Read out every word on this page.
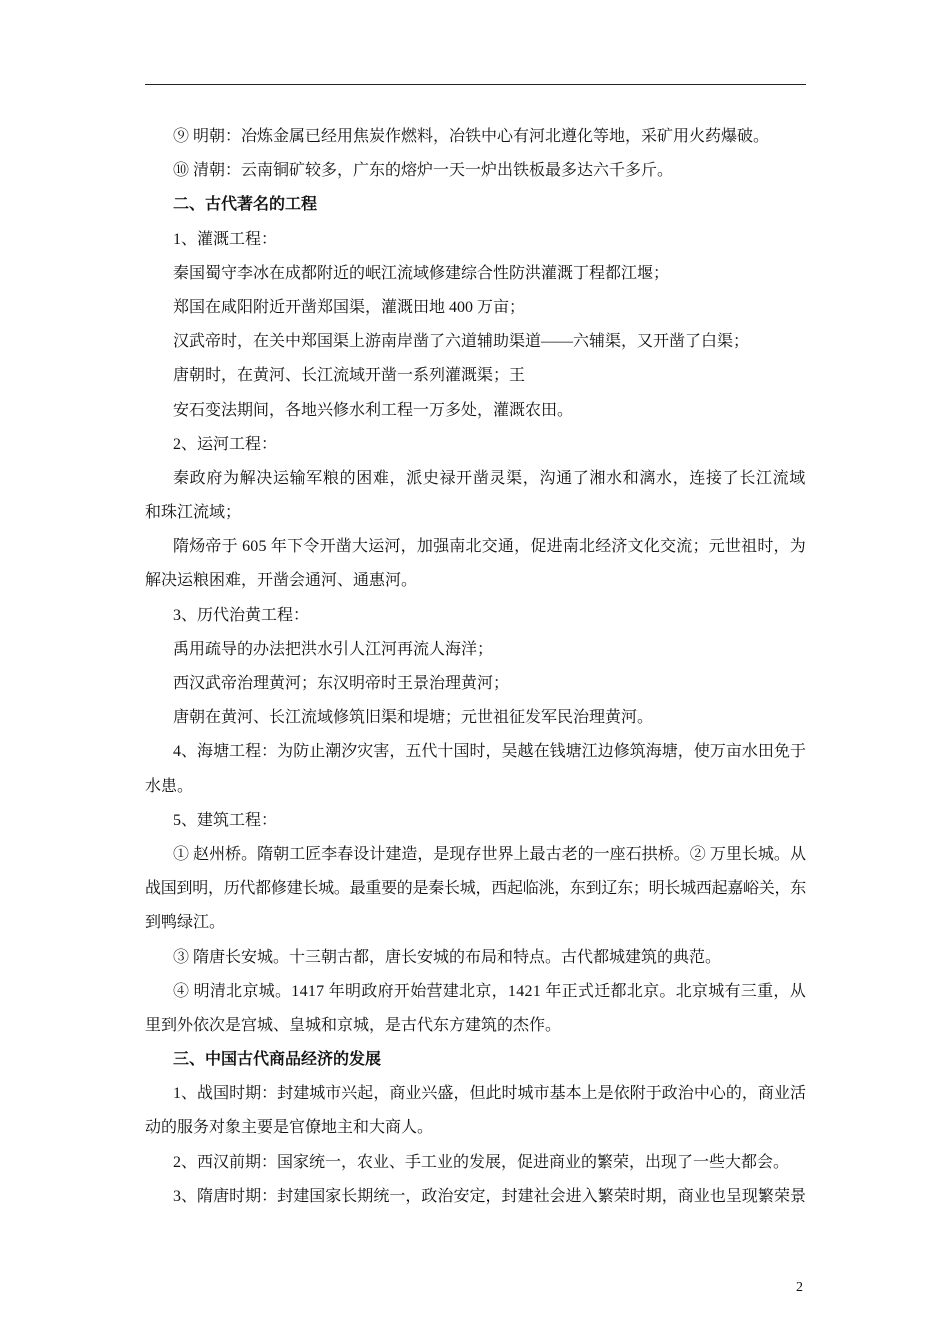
⑨ 明朝：冶炼金属已经用焦炭作燃料，冶铁中心有河北遵化等地，采矿用火药爆破。
⑩ 清朝：云南铜矿较多，广东的熔炉一天一炉出铁板最多达六千多斤。
二、古代著名的工程
1、灌溉工程：
秦国蜀守李冰在成都附近的岷江流域修建综合性防洪灌溉丁程都江堰；
郑国在咸阳附近开凿郑国渠，灌溉田地 400 万亩；
汉武帝时，在关中郑国渠上游南岸凿了六道辅助渠道——六辅渠，又开凿了白渠；
唐朝时，在黄河、长江流域开凿一系列灌溉渠；王
安石变法期间，各地兴修水利工程一万多处，灌溉农田。
2、运河工程：
秦政府为解决运输军粮的困难，派史禄开凿灵渠，沟通了湘水和漓水，连接了长江流域
和珠江流域；
隋炀帝于 605 年下令开凿大运河，加强南北交通，促进南北经济文化交流；元世祖时，为
解决运粮困难，开凿会通河、通惠河。
3、历代治黄工程：
禹用疏导的办法把洪水引人江河再流人海洋；
西汉武帝治理黄河；东汉明帝时王景治理黄河；
唐朝在黄河、长江流域修筑旧渠和堤塘；元世祖征发军民治理黄河。
4、海塘工程：为防止潮汐灾害，五代十国时，吴越在钱塘江边修筑海塘，使万亩水田免于
水患。
5、建筑工程：
① 赵州桥。隋朝工匠李春设计建造，是现存世界上最古老的一座石拱桥。② 万里长城。从
战国到明，历代都修建长城。最重要的是秦长城，西起临洮，东到辽东；明长城西起嘉峪关，东
到鸭绿江。
③ 隋唐长安城。十三朝古都，唐长安城的布局和特点。古代都城建筑的典范。
④ 明清北京城。1417 年明政府开始营建北京，1421 年正式迁都北京。北京城有三重，从
里到外依次是宫城、皇城和京城，是古代东方建筑的杰作。
三、中国古代商品经济的发展
1、战国时期：封建城市兴起，商业兴盛，但此时城市基本上是依附于政治中心的，商业活
动的服务对象主要是官僚地主和大商人。
2、西汉前期：国家统一，农业、手工业的发展，促进商业的繁荣，出现了一些大都会。
3、隋唐时期：封建国家长期统一，政治安定，封建社会进入繁荣时期，商业也呈现繁荣景
2
